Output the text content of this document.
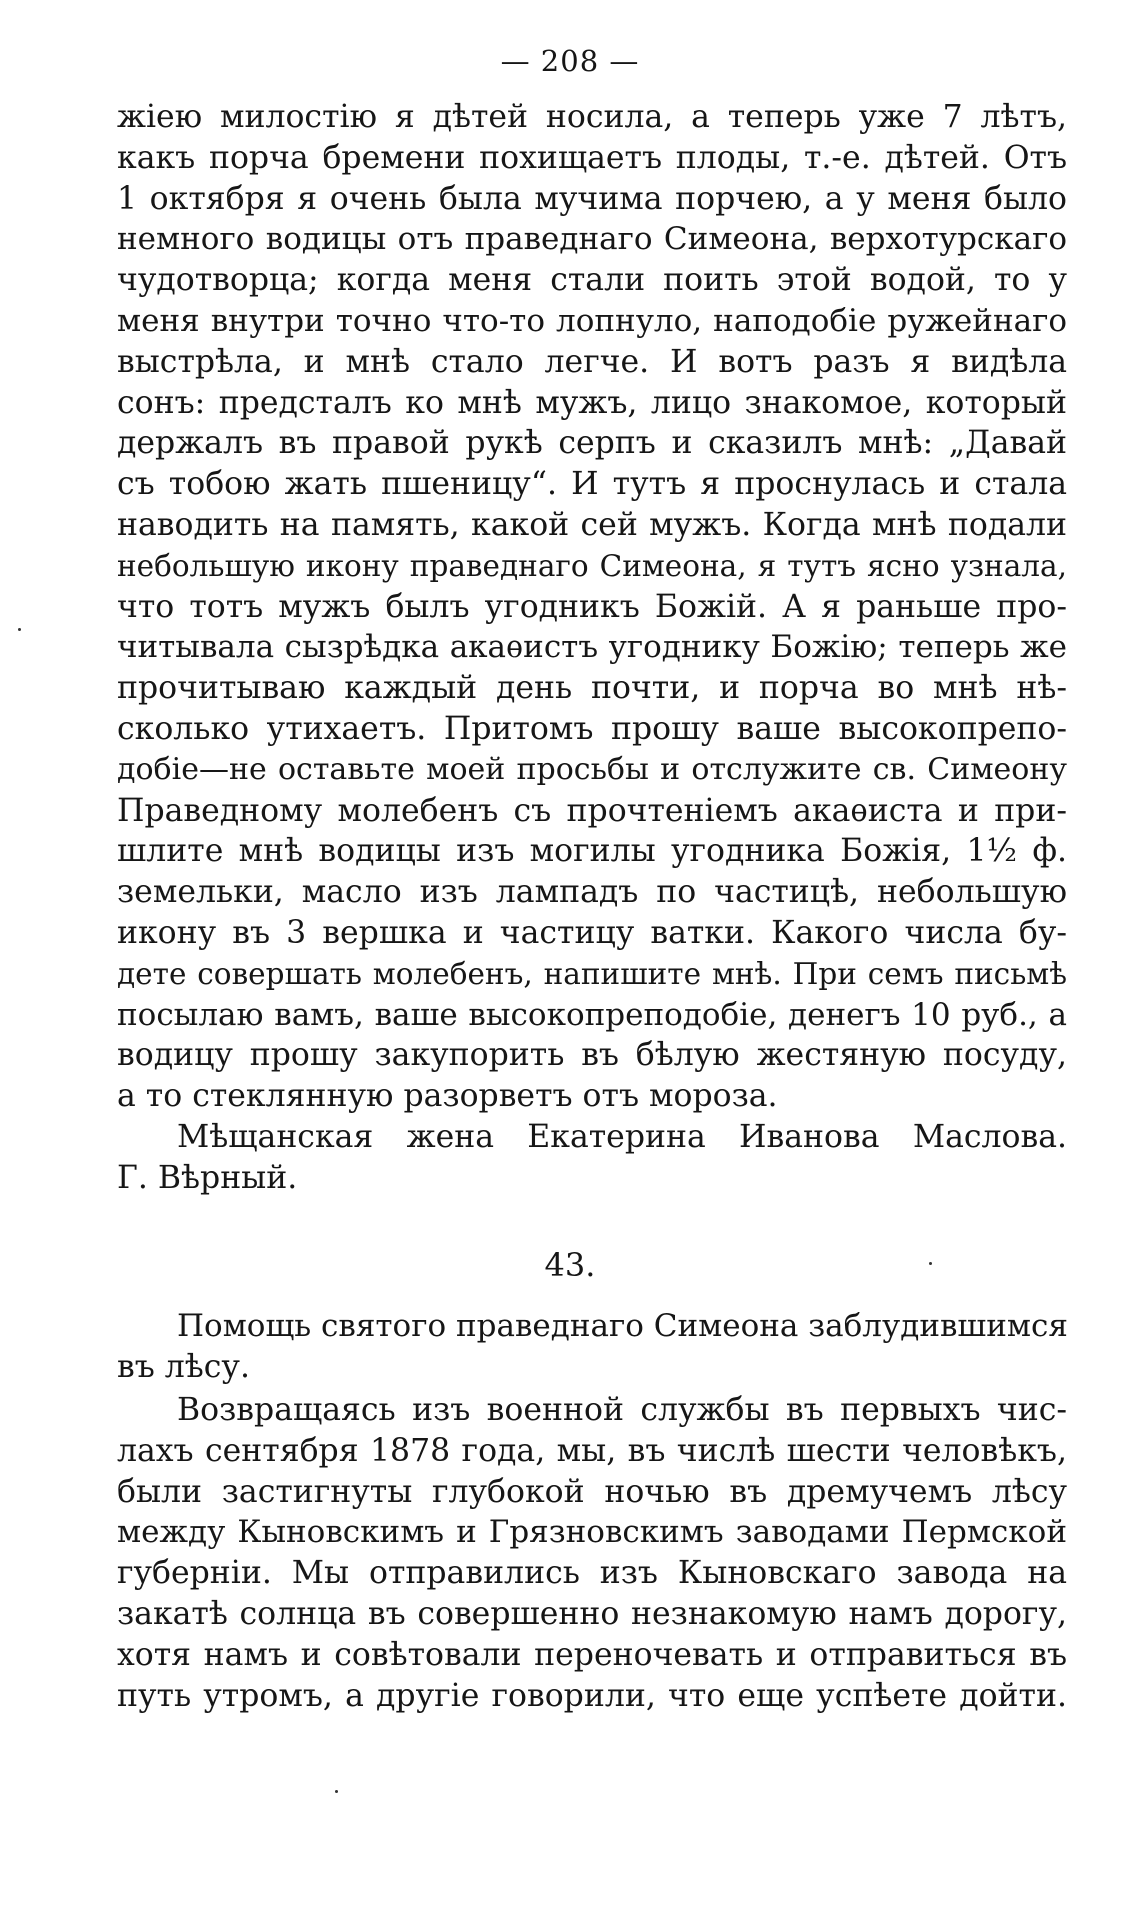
— 208 —
жіею милостію я дѣтей носила, а теперь уже 7 лѣтъ,
какъ порча бремени похищаетъ плоды, т.-е. дѣтей. Отъ
1 октября я очень была мучима порчею, а у меня было
немного водицы отъ праведнаго Симеона, верхотурскаго
чудотворца; когда меня стали поить этой водой, то у
меня внутри точно что-то лопнуло, наподобіе ружейнаго
выстрѣла, и мнѣ стало легче. И вотъ разъ я видѣла
сонъ: предсталъ ко мнѣ мужъ, лицо знакомое, который
держалъ въ правой рукѣ серпъ и сказилъ мнѣ: „Давай
съ тобою жать пшеницу“. И тутъ я проснулась и стала
наводить на память, какой сей мужъ. Когда мнѣ подали
небольшую икону праведнаго Симеона, я тутъ ясно узнала,
что тотъ мужъ былъ угодникъ Божій. А я раньше про-
читывала сызрѣдка акаѳистъ угоднику Божію; теперь же
прочитываю каждый день почти, и порча во мнѣ нѣ-
сколько утихаетъ. Притомъ прошу ваше высокопрепо-
добіе—не оставьте моей просьбы и отслужите св. Симеону
Праведному молебенъ съ прочтеніемъ акаѳиста и при-
шлите мнѣ водицы изъ могилы угодника Божія, 1½ ф.
земельки, масло изъ лампадъ по частицѣ, небольшую
икону въ 3 вершка и частицу ватки. Какого числа бу-
дете совершать молебенъ, напишите мнѣ. При семъ письмѣ
посылаю вамъ, ваше высокопреподобіе, денегъ 10 руб., а
водицу прошу закупорить въ бѣлую жестяную посуду,
а то стеклянную разорветъ отъ мороза.
Мѣщанская жена Екатерина Иванова Маслова.
Г. Вѣрный.
43.
Помощь святого праведнаго Симеона заблудившимся
въ лѣсу.
Возвращаясь изъ военной службы въ первыхъ чис-
лахъ сентября 1878 года, мы, въ числѣ шести человѣкъ,
были застигнуты глубокой ночью въ дремучемъ лѣсу
между Кыновскимъ и Грязновскимъ заводами Пермской
губерніи. Мы отправились изъ Кыновскаго завода на
закатѣ солнца въ совершенно незнакомую намъ дорогу,
хотя намъ и совѣтовали переночевать и отправиться въ
путь утромъ, а другіе говорили, что еще успѣете дойти.
